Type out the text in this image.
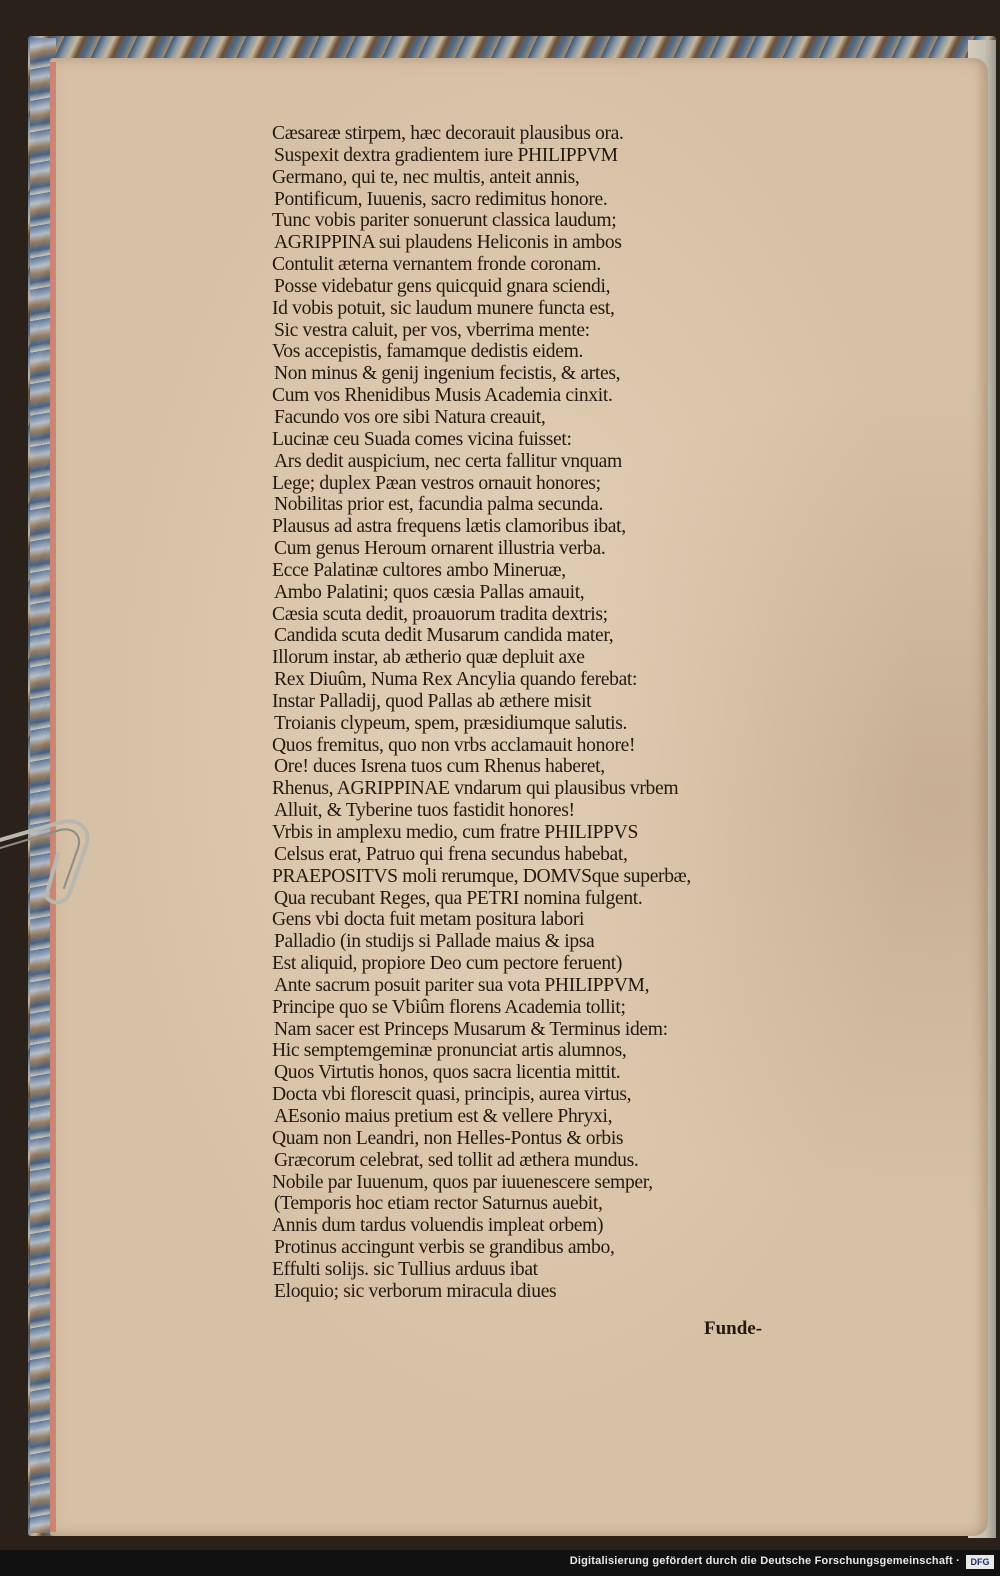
Cæsareæ stirpem, hæc decorauit plausibus ora.
Suspexit dextra gradientem iure PHILIPPVM
Germano, qui te, nec multis, anteit annis,
Pontificum, Iuuenis, sacro redimitus honore.
Tunc vobis pariter sonuerunt classica laudum;
AGRIPPINA sui plaudens Heliconis in ambos
Contulit æterna vernantem fronde coronam.
Posse videbatur gens quicquid gnara sciendi,
Id vobis potuit, sic laudum munere functa est,
Sic vestra caluit, per vos, vberrima mente:
Vos accepistis, famamque dedistis eidem.
Non minus & genij ingenium fecistis, & artes,
Cum vos Rhenidibus Musis Academia cinxit.
Facundo vos ore sibi Natura creauit,
Lucinæ ceu Suada comes vicina fuisset:
Ars dedit auspicium, nec certa fallitur vnquam
Lege; duplex Pæan vestros ornauit honores;
Nobilitas prior est, facundia palma secunda.
Plausus ad astra frequens lætis clamoribus ibat,
Cum genus Heroum ornarent illustria verba.
Ecce Palatinæ cultores ambo Mineruæ,
Ambo Palatini; quos cæsia Pallas amauit,
Cæsia scuta dedit, proauorum tradita dextris;
Candida scuta dedit Musarum candida mater,
Illorum instar, ab ætherio quæ depluit axe
Rex Diuûm, Numa Rex Ancylia quando ferebat:
Instar Palladij, quod Pallas ab æthere misit
Troianis clypeum, spem, præsidiumque salutis.
Quos fremitus, quo non vrbs acclamauit honore!
Ore! duces Isrena tuos cum Rhenus haberet,
Rhenus, AGRIPPINAE vndarum qui plausibus vrbem
Alluit, & Tyberine tuos fastidit honores!
Vrbis in amplexu medio, cum fratre PHILIPPVS
Celsus erat, Patruo qui frena secundus habebat,
PRAEPOSITVS moli rerumque, DOMVSque superbæ,
Qua recubant Reges, qua PETRI nomina fulgent.
Gens vbi docta fuit metam positura labori
Palladio (in studijs si Pallade maius & ipsa
Est aliquid, propiore Deo cum pectore feruent)
Ante sacrum posuit pariter sua vota PHILIPPVM,
Principe quo se Vbiûm florens Academia tollit;
Nam sacer est Princeps Musarum & Terminus idem:
Hic semptemgeminæ pronunciat artis alumnos,
Quos Virtutis honos, quos sacra licentia mittit.
Docta vbi florescit quasi, principis, aurea virtus,
AEsonio maius pretium est & vellere Phryxi,
Quam non Leandri, non Helles-Pontus & orbis
Græcorum celebrat, sed tollit ad æthera mundus.
Nobile par Iuuenum, quos par iuuenescere semper,
(Temporis hoc etiam rector Saturnus auebit,
Annis dum tardus voluendis impleat orbem)
Protinus accingunt verbis se grandibus ambo,
Effulti solijs. sic Tullius arduus ibat
Eloquio; sic verborum miracula diues
Funde-
Digitalisierung gefördert durch die Deutsche Forschungsgemeinschaft ·	DFG
